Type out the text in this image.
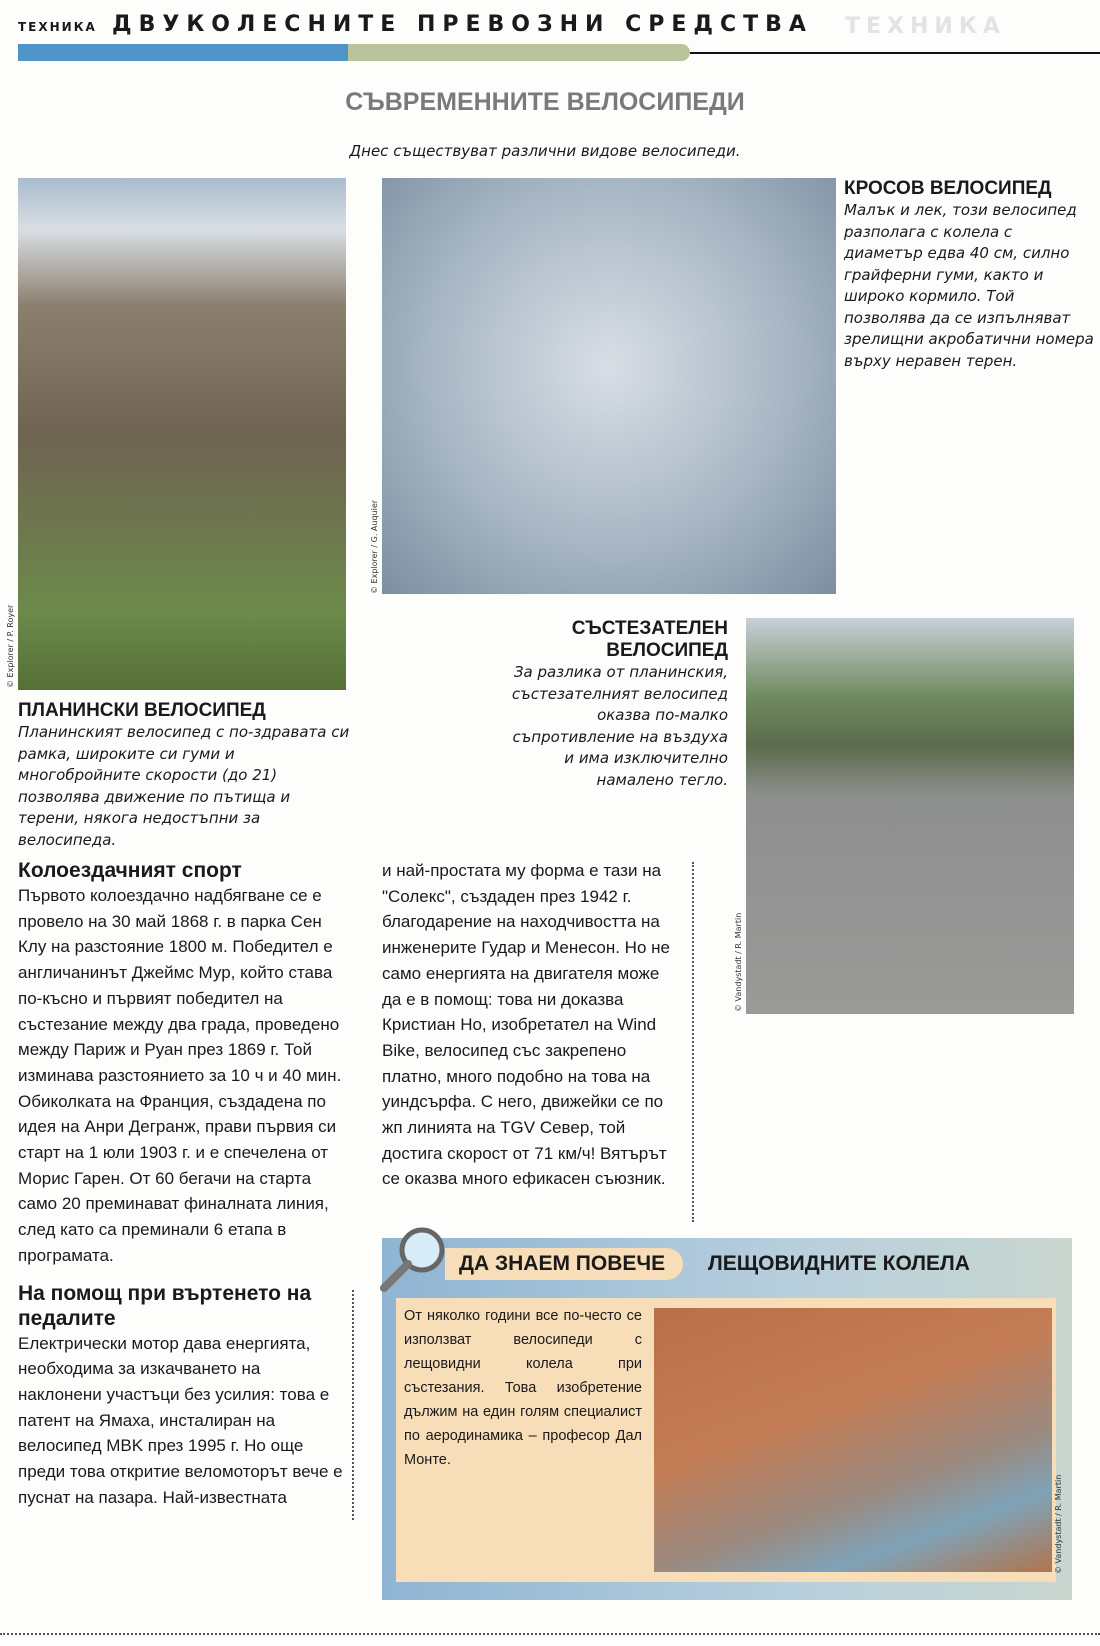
ТЕХНИКА
ТЕХНИКА ДВУКОЛЕСНИТЕ ПРЕВОЗНИ СРЕДСТВА
СЪВРЕМЕННИТЕ ВЕЛОСИПЕДИ
Днес съществуват различни видове велосипеди.
© Explorer / P. Royer
© Explorer / G. Auquier
КРОСОВ ВЕЛОСИПЕД
Малък и лек, този велосипед разполага с колела с диаметър едва 40 см, силно грайферни гуми, както и широко кормило. Той позволява да се изпълняват зрелищни акробатични номера върху неравен терен.
СЪСТЕЗАТЕЛЕН ВЕЛОСИПЕД
За разлика от планинския, състезателният велосипед оказва по-малко съпротивление на въздуха и има изключително намалено тегло.
© Vandystadt / R. Martin
ПЛАНИНСКИ ВЕЛОСИПЕД
Планинският велосипед с по-здравата си рамка, широките си гуми и многобройните скорости (до 21) позволява движение по пътища и терени, някога недостъпни за велосипеда.
Колоездачният спорт
Първото колоездачно надбягване се е провело на 30 май 1868 г. в парка Сен Клу на разстояние 1800 м. Победител е англичанинът Джеймс Мур, който става по-късно и първият победител на състезание между два града, проведено между Париж и Руан през 1869 г. Той изминава разстоянието за 10 ч и 40 мин. Обиколката на Франция, създадена по идея на Анри Дегранж, прави първия си старт на 1 юли 1903 г. и е спечелена от Морис Гарен. От 60 бегачи на старта само 20 преминават финалната линия, след като са преминали 6 етапа в програмата.
На помощ при въртенето на педалите
Електрически мотор дава енергията, необходима за изкачването на наклонени участъци без усилия: това е патент на Ямаха, инсталиран на велосипед MBK през 1995 г. Но още преди това откритие веломоторът вече е пуснат на пазара. Най-известната
и най-простата му форма е тази на "Солекс", създаден през 1942 г. благодарение на находчивостта на инженерите Гудар и Менесон. Но не само енергията на двигателя може да е в помощ: това ни доказва Кристиан Но, изобретател на Wind Bike, велосипед със закрепено платно, много подобно на това на уиндсърфа. С него, движейки се по жп линията на TGV Север, той достига скорост от 71 км/ч! Вятърът се оказва много ефикасен съюзник.
ДА ЗНАЕМ ПОВЕЧЕ	ЛЕЩОВИДНИТЕ КОЛЕЛА
От няколко години все по-често се използват велосипеди с лещовидни колела при състезания. Това изобретение дължим на един голям специалист по аеродинамика – професор Дал Монте.
© Vandystadt / R. Martin
